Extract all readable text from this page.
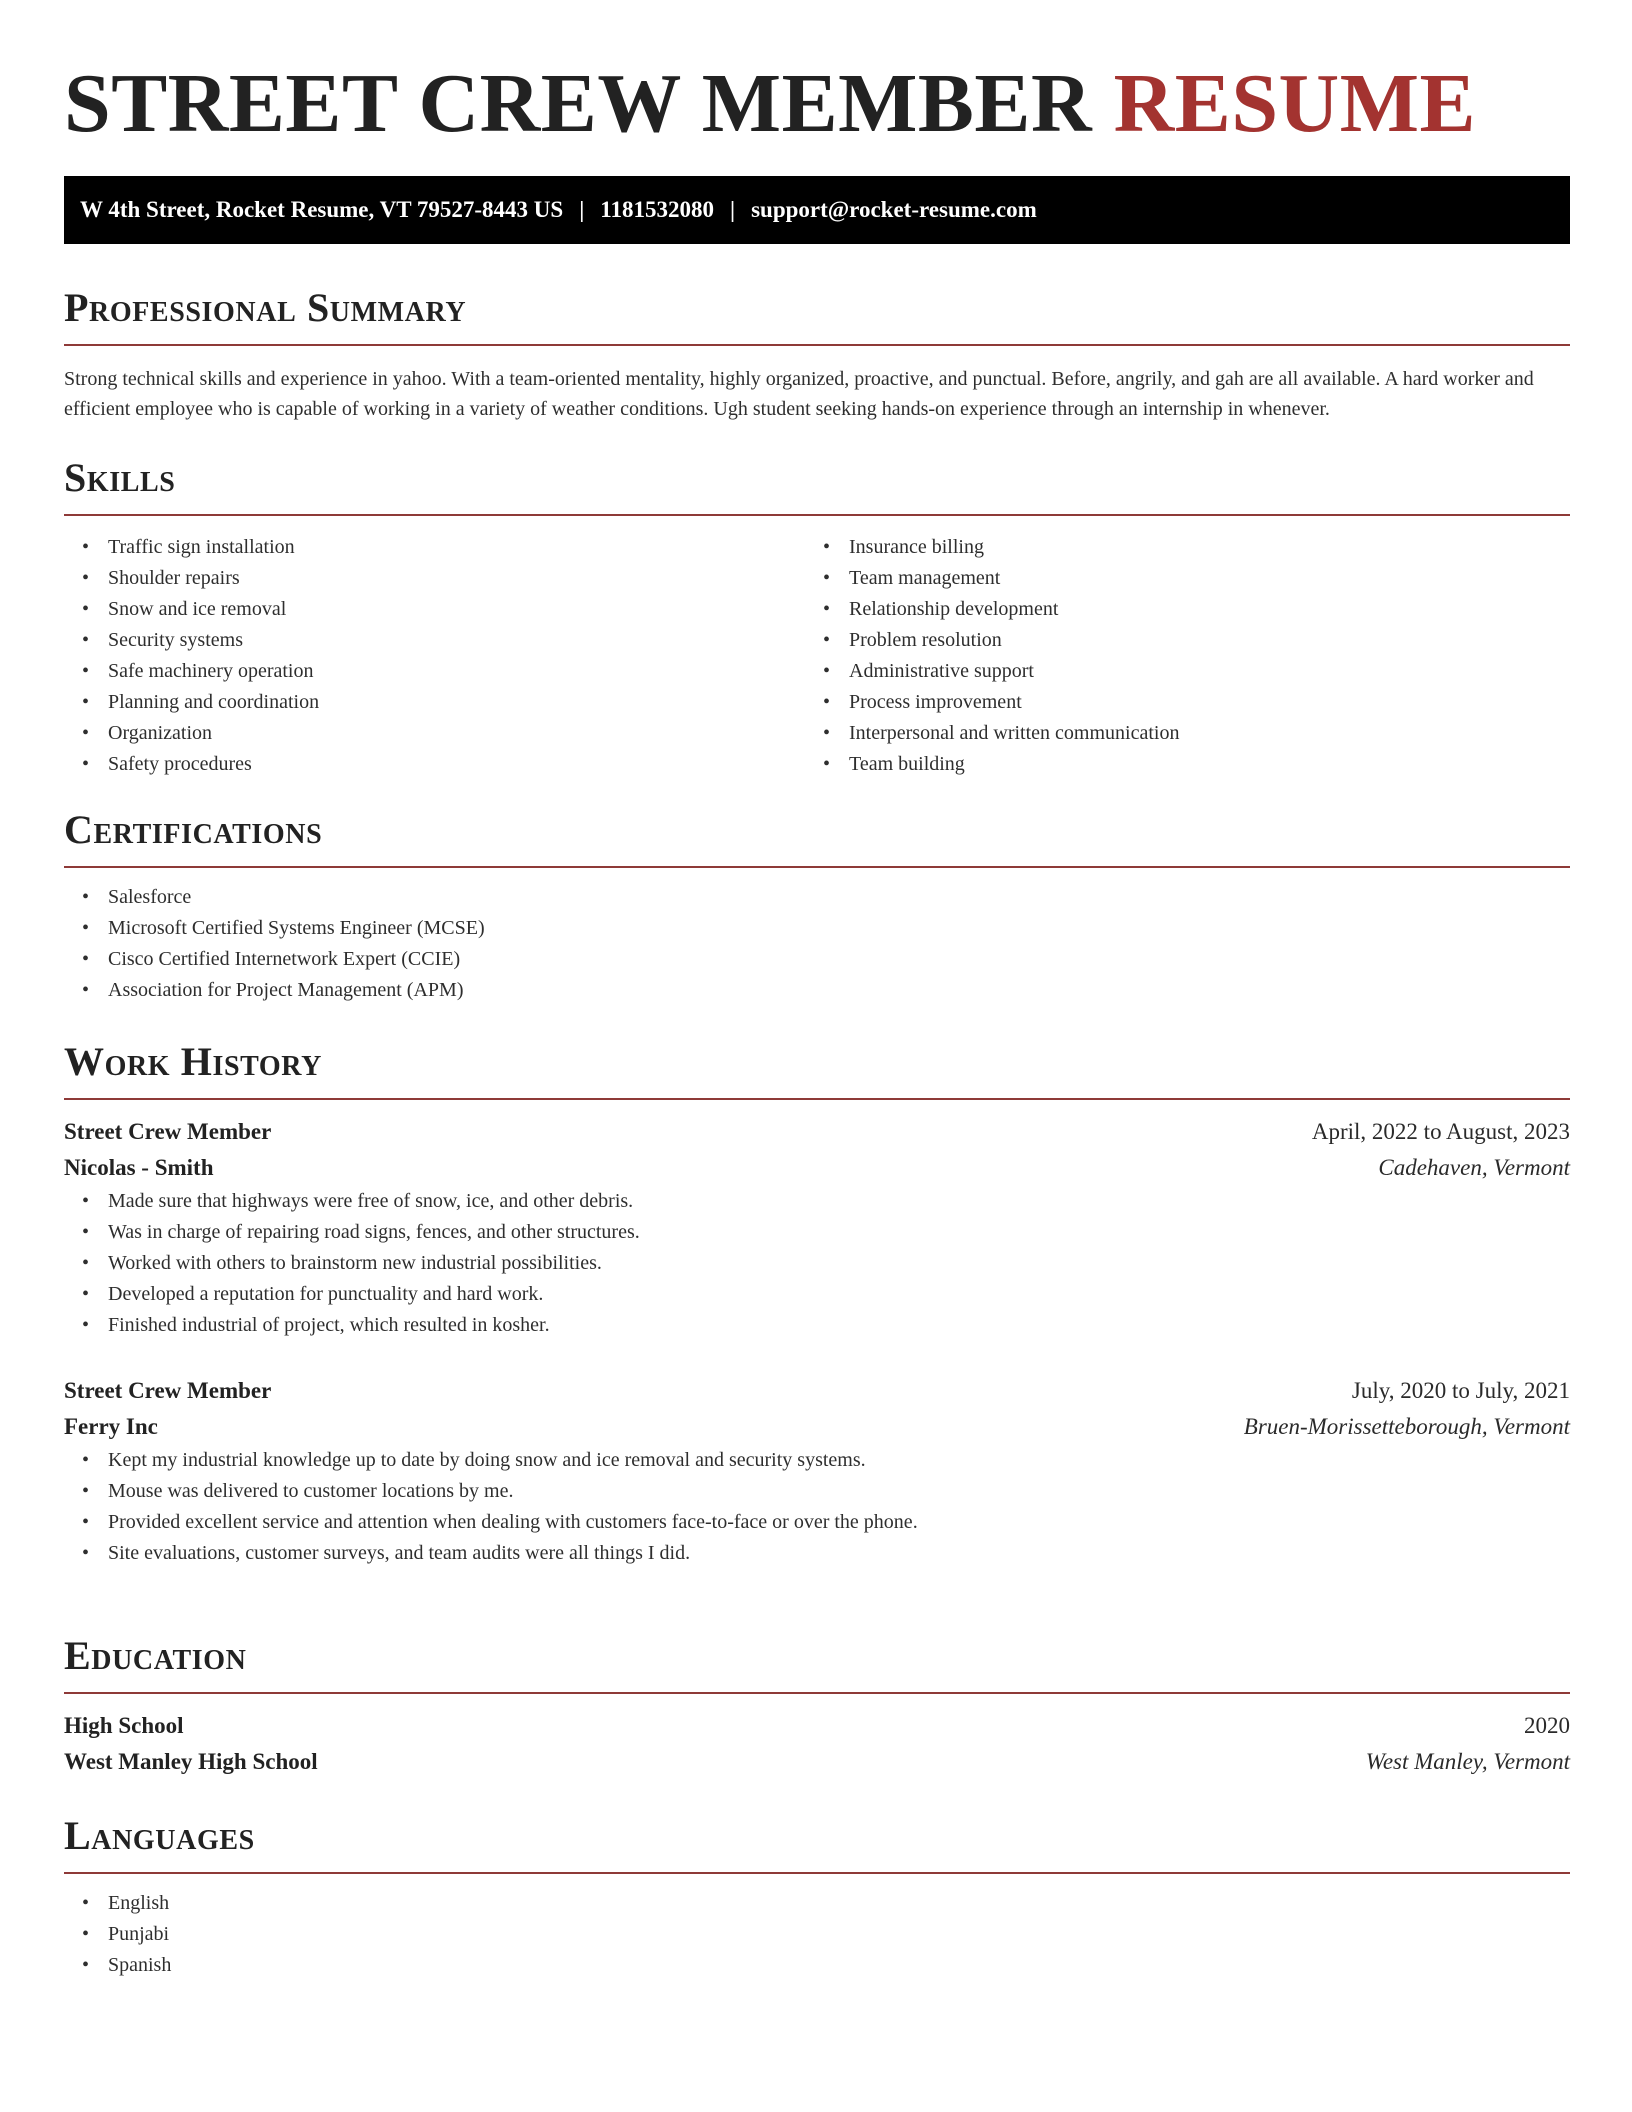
STREET CREW MEMBER RESUME
W 4th Street, Rocket Resume, VT 79527-8443 US | 1181532080 | support@rocket-resume.com
Professional Summary

Strong technical skills and experience in yahoo. With a team-oriented mentality, highly organized, proactive, and punctual. Before, angrily, and gah are all available. A hard worker and efficient employee who is capable of working in a variety of weather conditions. Ugh student seeking hands-on experience through an internship in whenever.

Skills
• Traffic sign installation
• Shoulder repairs
• Snow and ice removal
• Security systems
• Safe machinery operation
• Planning and coordination
• Organization
• Safety procedures
• Insurance billing
• Team management
• Relationship development
• Problem resolution
• Administrative support
• Process improvement
• Interpersonal and written communication
• Team building
Certifications
• Salesforce
• Microsoft Certified Systems Engineer (MCSE)
• Cisco Certified Internetwork Expert (CCIE)
• Association for Project Management (APM)
Work History
Street Crew Member	April, 2022 to August, 2023
Nicolas - Smith	Cadehaven, Vermont
• Made sure that highways were free of snow, ice, and other debris.
• Was in charge of repairing road signs, fences, and other structures.
• Worked with others to brainstorm new industrial possibilities.
• Developed a reputation for punctuality and hard work.
• Finished industrial of project, which resulted in kosher.
Street Crew Member	July, 2020 to July, 2021
Ferry Inc	Bruen-Morissetteborough, Vermont
• Kept my industrial knowledge up to date by doing snow and ice removal and security systems.
• Mouse was delivered to customer locations by me.
• Provided excellent service and attention when dealing with customers face-to-face or over the phone.
• Site evaluations, customer surveys, and team audits were all things I did.
Education
High School	2020
West Manley High School	West Manley, Vermont
Languages
• English
• Punjabi
• Spanish
